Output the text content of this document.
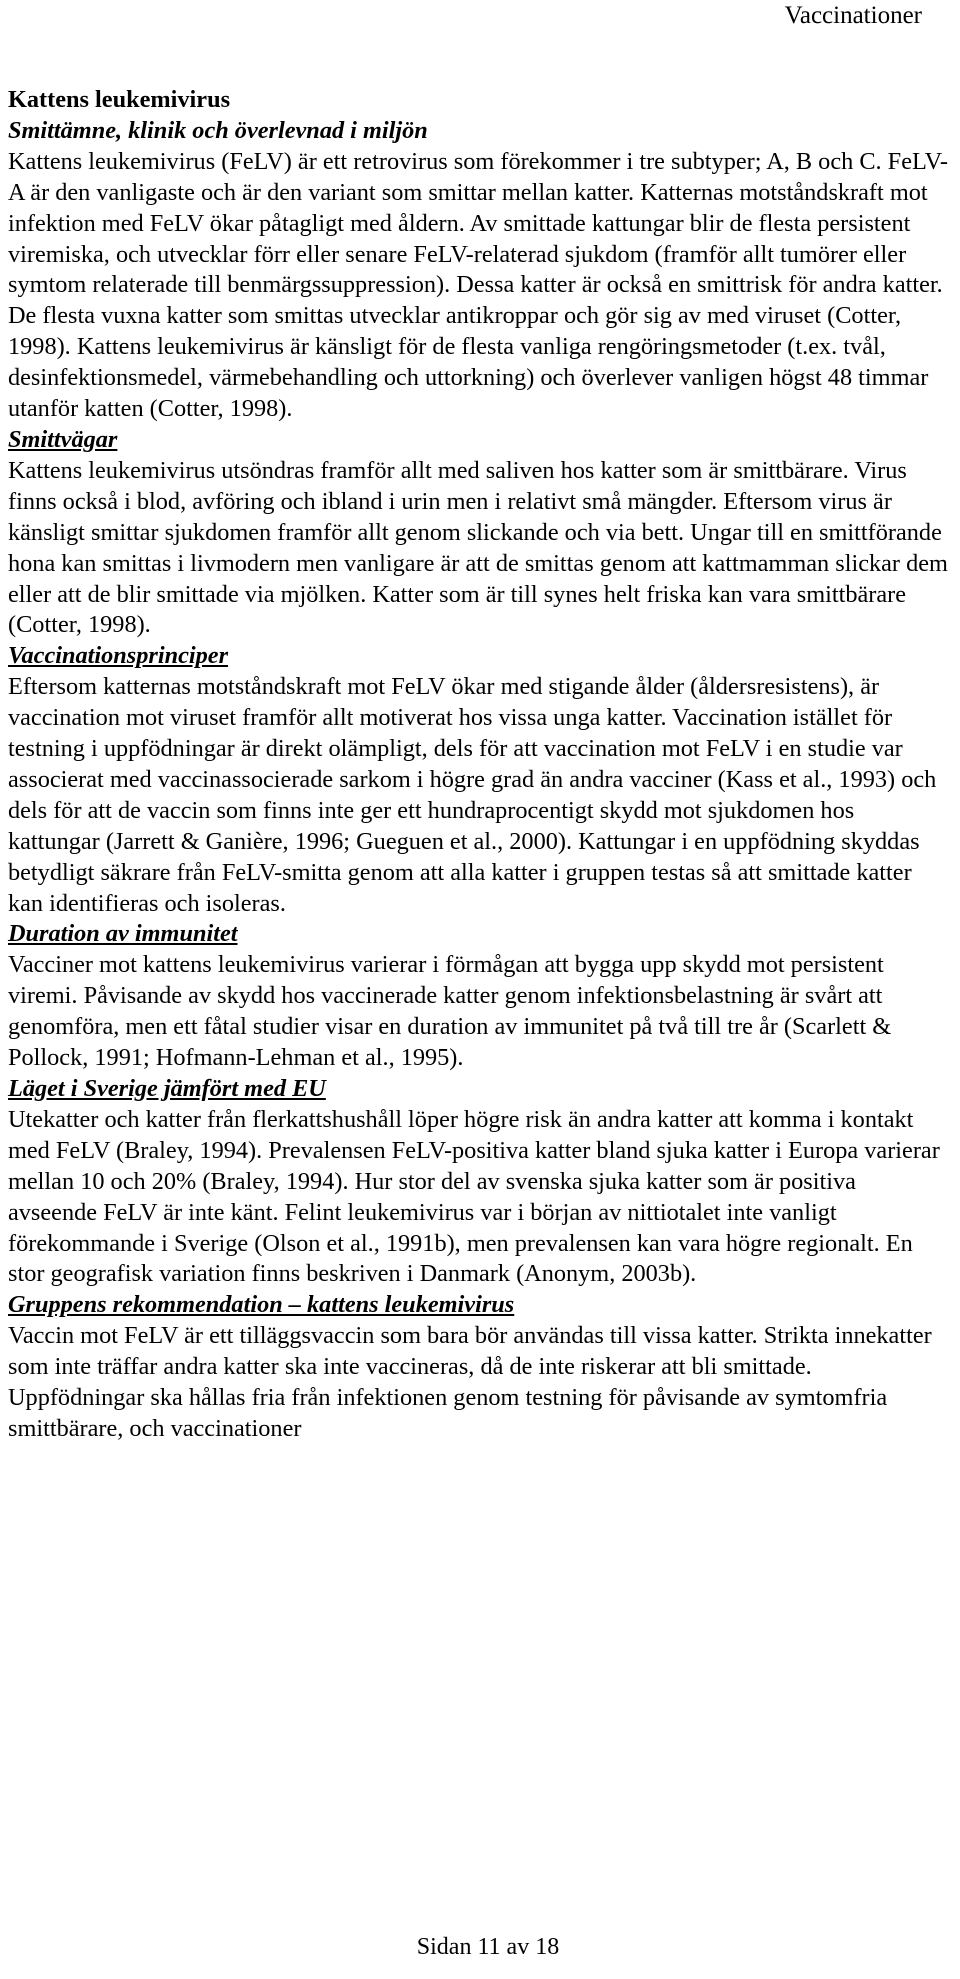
Vaccinationer

Kattens leukemivirus

Smittämne, klinik och överlevnad i miljön

Kattens leukemivirus (FeLV) är ett retrovirus som förekommer i tre subtyper; A, B och C. FeLV-A är den vanligaste och är den variant som smittar mellan katter. Katternas motståndskraft mot infektion med FeLV ökar påtagligt med åldern. Av smittade kattungar blir de flesta persistent viremiska, och utvecklar förr eller senare FeLV-relaterad sjukdom (framför allt tumörer eller symtom relaterade till benmärgssuppression). Dessa katter är också en smittrisk för andra katter. De flesta vuxna katter som smittas utvecklar antikroppar och gör sig av med viruset (Cotter, 1998). Kattens leukemivirus är känsligt för de flesta vanliga rengöringsmetoder (t.ex. tvål, desinfektionsmedel, värmebehandling och uttorkning) och överlever vanligen högst 48 timmar utanför katten (Cotter, 1998).

Smittvägar

Kattens leukemivirus utsöndras framför allt med saliven hos katter som är smittbärare. Virus finns också i blod, avföring och ibland i urin men i relativt små mängder. Eftersom virus är känsligt smittar sjukdomen framför allt genom slickande och via bett. Ungar till en smittförande hona kan smittas i livmodern men vanligare är att de smittas genom att kattmamman slickar dem eller att de blir smittade via mjölken. Katter som är till synes helt friska kan vara smittbärare (Cotter, 1998).

Vaccinationsprinciper

Eftersom katternas motståndskraft mot FeLV ökar med stigande ålder (åldersresistens), är vaccination mot viruset framför allt motiverat hos vissa unga katter. Vaccination istället för testning i uppfödningar är direkt olämpligt, dels för att vaccination mot FeLV i en studie var associerat med vaccinassocierade sarkom i högre grad än andra vacciner (Kass et al., 1993) och dels för att de vaccin som finns inte ger ett hundraprocentigt skydd mot sjukdomen hos kattungar (Jarrett & Ganière, 1996; Gueguen et al., 2000). Kattungar i en uppfödning skyddas betydligt säkrare från FeLV-smitta genom att alla katter i gruppen testas så att smittade katter kan identifieras och isoleras.

Duration av immunitet

Vacciner mot kattens leukemivirus varierar i förmågan att bygga upp skydd mot persistent viremi. Påvisande av skydd hos vaccinerade katter genom infektionsbelastning är svårt att genomföra, men ett fåtal studier visar en duration av immunitet på två till tre år (Scarlett & Pollock, 1991; Hofmann-Lehman et al., 1995).

Läget i Sverige jämfört med EU

Utekatter och katter från flerkattshushåll löper högre risk än andra katter att komma i kontakt med FeLV (Braley, 1994). Prevalensen FeLV-positiva katter bland sjuka katter i Europa varierar mellan 10 och 20% (Braley, 1994). Hur stor del av svenska sjuka katter som är positiva avseende FeLV är inte känt. Felint leukemivirus var i början av nittiotalet inte vanligt förekommande i Sverige (Olson et al., 1991b), men prevalensen kan vara högre regionalt. En stor geografisk variation finns beskriven i Danmark (Anonym, 2003b).

Gruppens rekommendation – kattens leukemivirus

Vaccin mot FeLV är ett tilläggsvaccin som bara bör användas till vissa katter. Strikta innekatter som inte träffar andra katter ska inte vaccineras, då de inte riskerar att bli smittade. Uppfödningar ska hållas fria från infektionen genom testning för påvisande av symtomfria smittbärare, och vaccinationer

Sidan 11 av 18
